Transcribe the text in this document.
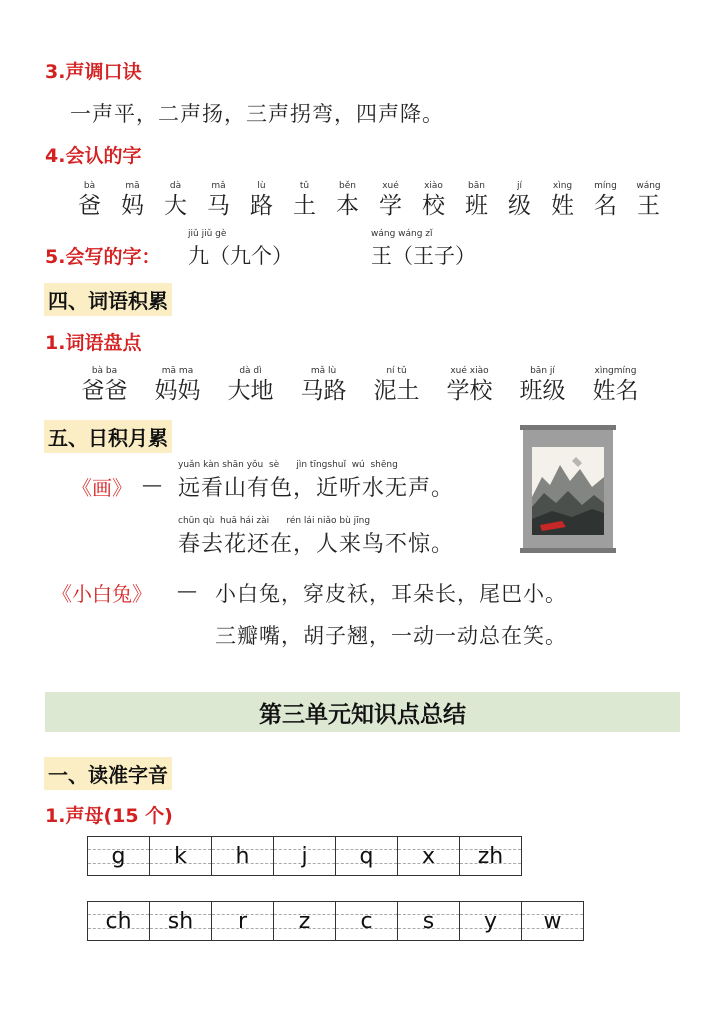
3.声调口诀
一声平，二声扬，三声拐弯，四声降。
4.会认的字
bà
爸
mā
妈
dà
大
mǎ
马
lù
路
tǔ
土
běn
本
xué
学
xiào
校
bān
班
jí
级
xìng
姓
míng
名
wáng
王
5.会写的字：
jiǔ jiǔ gè
九（九个）
wáng wáng zǐ
王（王子）
四、词语积累
1.词语盘点
bà ba
爸爸
mā ma
妈妈
dà dì
大地
mǎ lù
马路
ní tǔ
泥土
xué xiào
学校
bān jí
班级
xìngmíng
姓名
五、日积月累
《画》 —
yuǎn kàn shān yǒu  sè      jìn tīngshuǐ  wú  shēng
远看山有色，近听水无声。
chūn qù  huā hái zài      rén lái niǎo bù jīng
春去花还在，人来鸟不惊。
《小白兔》 — 小白兔，穿皮袄，耳朵长，尾巴小。
三瓣嘴，胡子翘，一动一动总在笑。
第三单元知识点总结
一、读准字音
1.声母(15 个)
g k h j q x zh
ch sh r z c s y w
